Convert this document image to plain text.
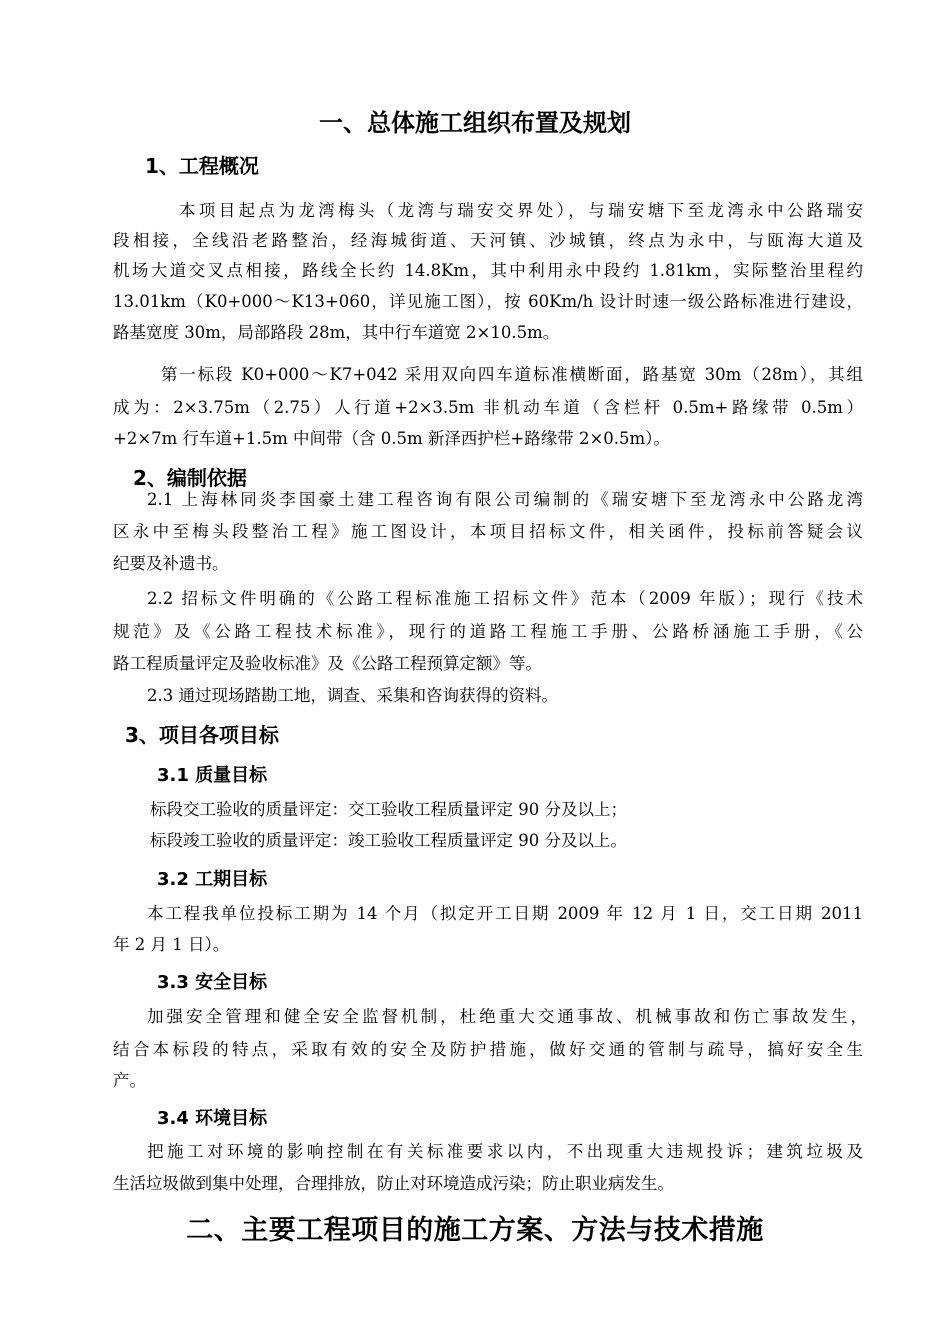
一、总体施工组织布置及规划
1、工程概况
本项目起点为龙湾梅头（龙湾与瑞安交界处），与瑞安塘下至龙湾永中公路瑞安
段相接，全线沿老路整治，经海城街道、天河镇、沙城镇，终点为永中，与瓯海大道及
机场大道交叉点相接，路线全长约 14.8Km，其中利用永中段约 1.81km，实际整治里程约
13.01km（K0+000～K13+060，详见施工图），按 60Km/h 设计时速一级公路标准进行建设，
路基宽度 30m，局部路段 28m，其中行车道宽 2×10.5m。
第一标段 K0+000～K7+042 采用双向四车道标准横断面，路基宽 30m（28m），其组
成为：2×3.75m（2.75）人行道+2×3.5m 非机动车道（含栏杆 0.5m+路缘带 0.5m）
+2×7m 行车道+1.5m 中间带（含 0.5m 新泽西护栏+路缘带 2×0.5m）。
2、编制依据
2.1 上海林同炎李国豪土建工程咨询有限公司编制的《瑞安塘下至龙湾永中公路龙湾
区永中至梅头段整治工程》施工图设计，本项目招标文件，相关函件，投标前答疑会议
纪要及补遗书。
2.2 招标文件明确的《公路工程标准施工招标文件》范本（2009 年版）；现行《技术
规范》及《公路工程技术标准》，现行的道路工程施工手册、公路桥涵施工手册，《公
路工程质量评定及验收标准》及《公路工程预算定额》等。
2.3 通过现场踏勘工地，调查、采集和咨询获得的资料。
3、项目各项目标
3.1 质量目标
标段交工验收的质量评定：交工验收工程质量评定 90 分及以上；
标段竣工验收的质量评定：竣工验收工程质量评定 90 分及以上。
3.2 工期目标
本工程我单位投标工期为 14 个月（拟定开工日期 2009 年 12 月 1 日，交工日期 2011
年 2 月 1 日）。
3.3 安全目标
加强安全管理和健全安全监督机制，杜绝重大交通事故、机械事故和伤亡事故发生，
结合本标段的特点，采取有效的安全及防护措施，做好交通的管制与疏导，搞好安全生
产。
3.4 环境目标
把施工对环境的影响控制在有关标准要求以内，不出现重大违规投诉；建筑垃圾及
生活垃圾做到集中处理，合理排放，防止对环境造成污染；防止职业病发生。
二、主要工程项目的施工方案、方法与技术措施
